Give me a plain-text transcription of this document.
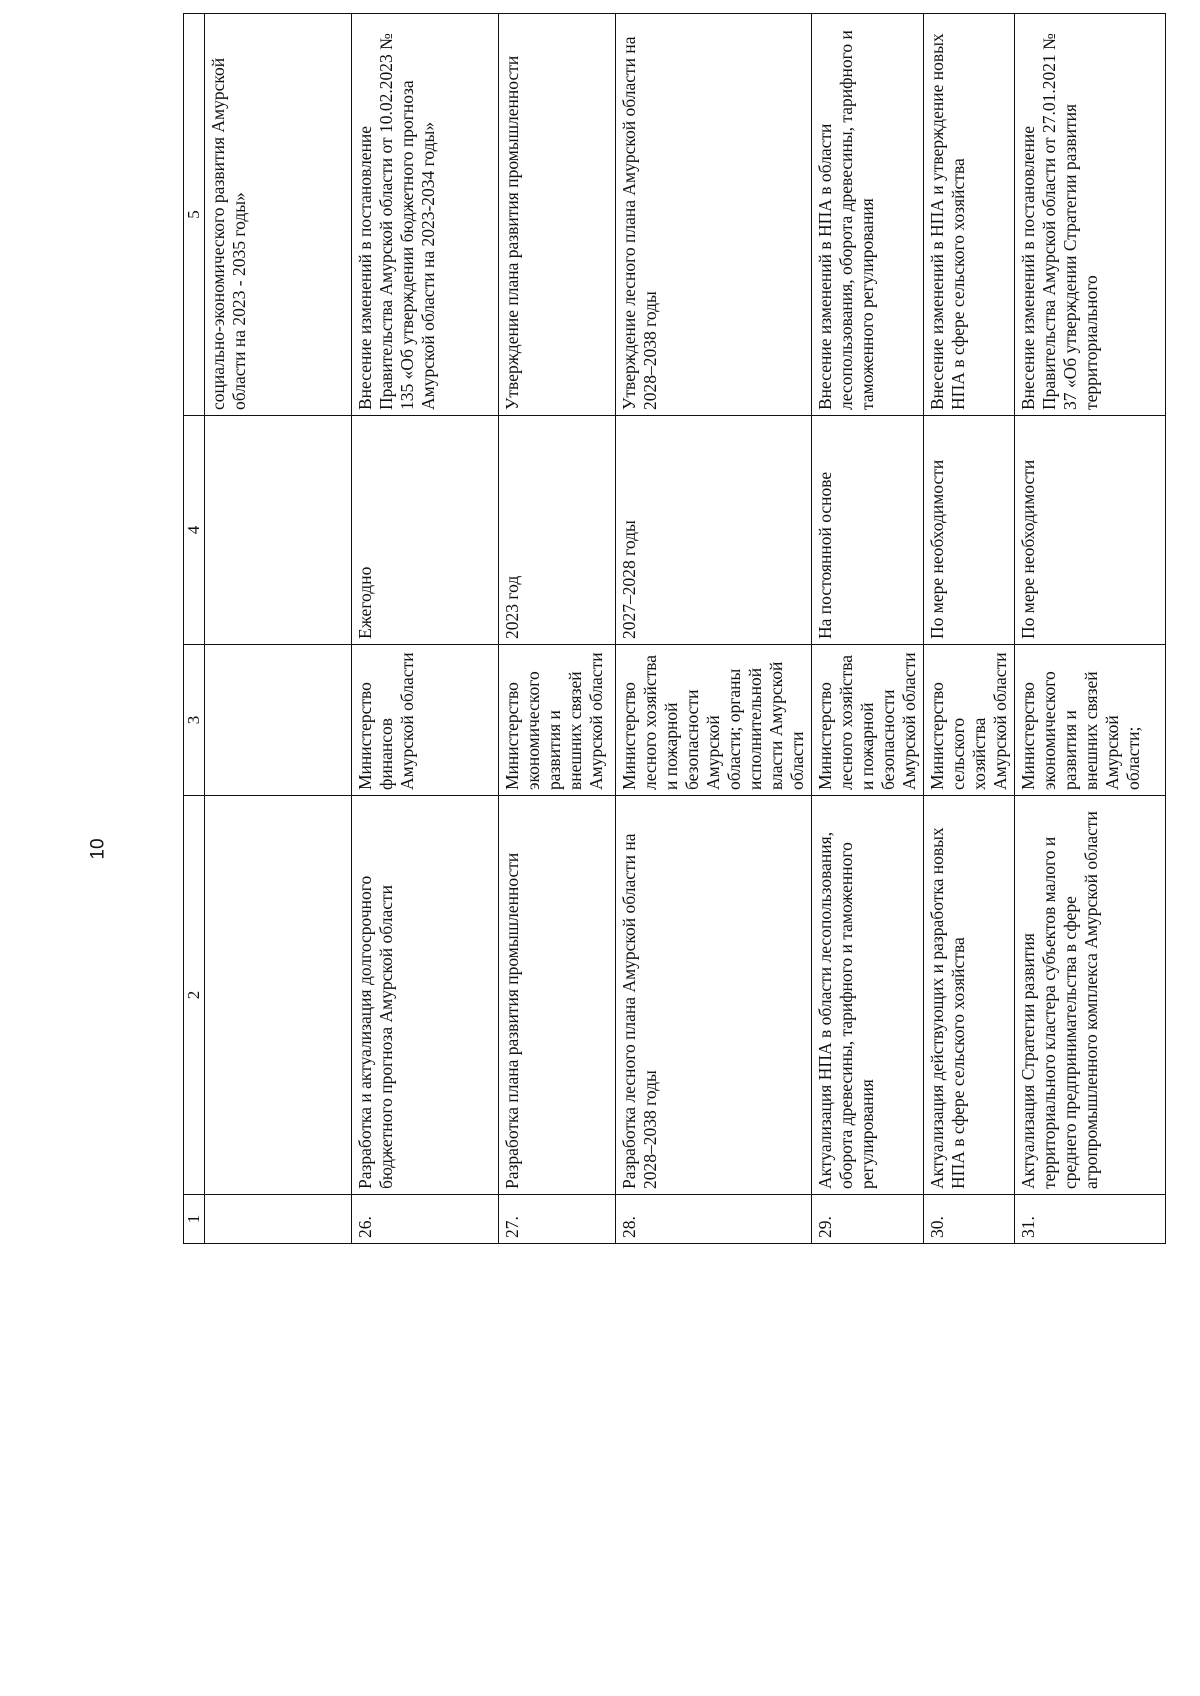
10
1	2	3	4	5
				социально-экономического развития Амурской области на 2023 - 2035 годы»
26.	Разработка и актуализация долгосрочного бюджетного прогноза Амурской области	Министерство финансов Амурской области	Ежегодно	Внесение изменений в постановление Правительства Амурской области от 10.02.2023 № 135 «Об утверждении бюджетного прогноза Амурской области на 2023-2034 годы»
27.	Разработка плана развития промышленности	Министерство экономического развития и внешних связей Амурской области	2023 год	Утверждение плана развития промышленности
28.	Разработка лесного плана Амурской области на 2028–2038 годы	Министерство лесного хозяйства и пожарной безопасности Амурской области; органы исполнительной власти Амурской области	2027–2028 годы	Утверждение лесного плана Амурской области на 2028–2038 годы
29.	Актуализация НПА в области лесопользования, оборота древесины, тарифного и таможенного регулирования	Министерство лесного хозяйства и пожарной безопасности Амурской области	На постоянной основе	Внесение изменений в НПА в области лесопользования, оборота древесины, тарифного и таможенного регулирования
30.	Актуализация действующих и разработка новых НПА в сфере сельского хозяйства	Министерство сельского хозяйства Амурской области	По мере необходимости	Внесение изменений в НПА и утверждение новых НПА в сфере сельского хозяйства
31.	Актуализация Стратегии развития территориального кластера субъектов малого и среднего предпринимательства в сфере агропромышленного комплекса Амурской области	Министерство экономического развития и внешних связей Амурской области;	По мере необходимости	Внесение изменений в постановление Правительства Амурской области от 27.01.2021 № 37 «Об утверждении Стратегии развития территориального
